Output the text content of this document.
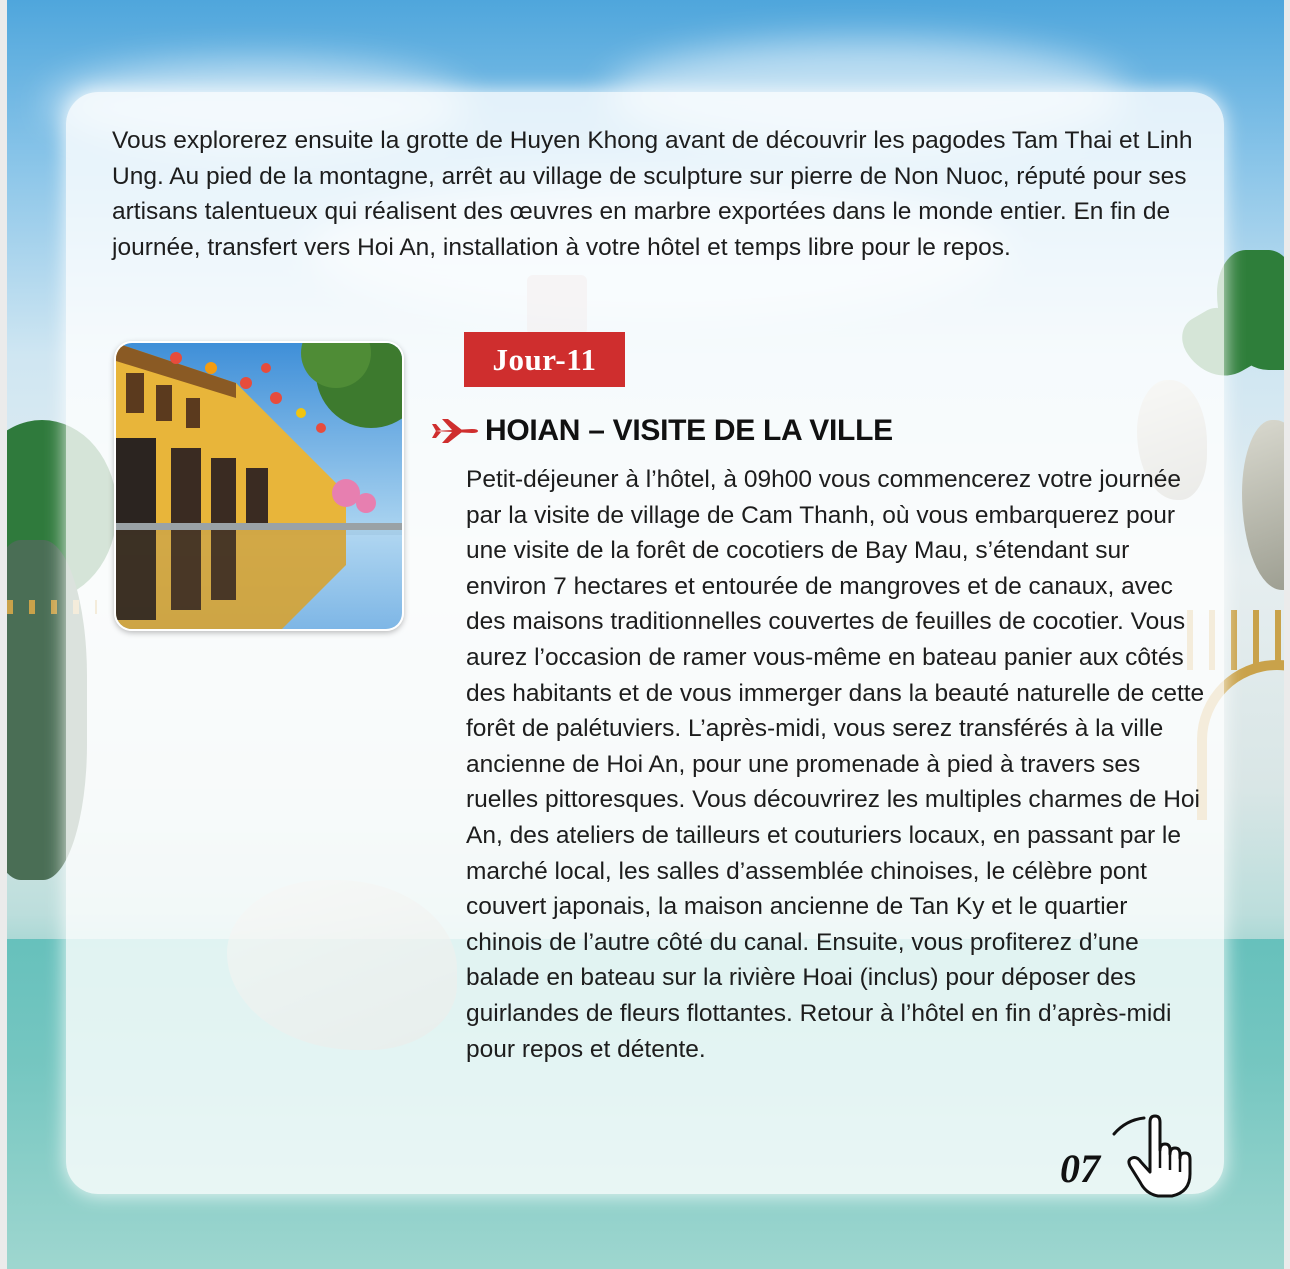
Vous explorerez ensuite la grotte de Huyen Khong avant de découvrir les pagodes Tam Thai et Linh Ung. Au pied de la montagne, arrêt au village de sculpture sur pierre de Non Nuoc, réputé pour ses artisans talentueux qui réalisent des œuvres en marbre exportées dans le monde entier. En fin de journée, transfert vers Hoi An, installation à votre hôtel et temps libre pour le repos.

Jour-11
HOIAN – VISITE DE LA VILLE

Petit-déjeuner à l’hôtel, à 09h00 vous commencerez votre journée par la visite de village de Cam Thanh, où vous embarquerez pour une visite de la forêt de cocotiers de Bay Mau, s’étendant sur environ 7 hectares et entourée de mangroves et de canaux, avec des maisons traditionnelles couvertes de feuilles de cocotier. Vous aurez l’occasion de ramer vous-même en bateau panier aux côtés des habitants et de vous immerger dans la beauté naturelle de cette forêt de palétuviers. L’après-midi, vous serez transférés à la ville ancienne de Hoi An, pour une promenade à pied à travers ses ruelles pittoresques. Vous découvrirez les multiples charmes de Hoi An, des ateliers de tailleurs et couturiers locaux, en passant par le marché local, les salles d’assemblée chinoises, le célèbre pont couvert japonais, la maison ancienne de Tan Ky et le quartier chinois de l’autre côté du canal. Ensuite, vous profiterez d’une balade en bateau sur la rivière Hoai (inclus) pour déposer des guirlandes de fleurs flottantes. Retour à l’hôtel en fin d’après-midi pour repos et détente.

07
